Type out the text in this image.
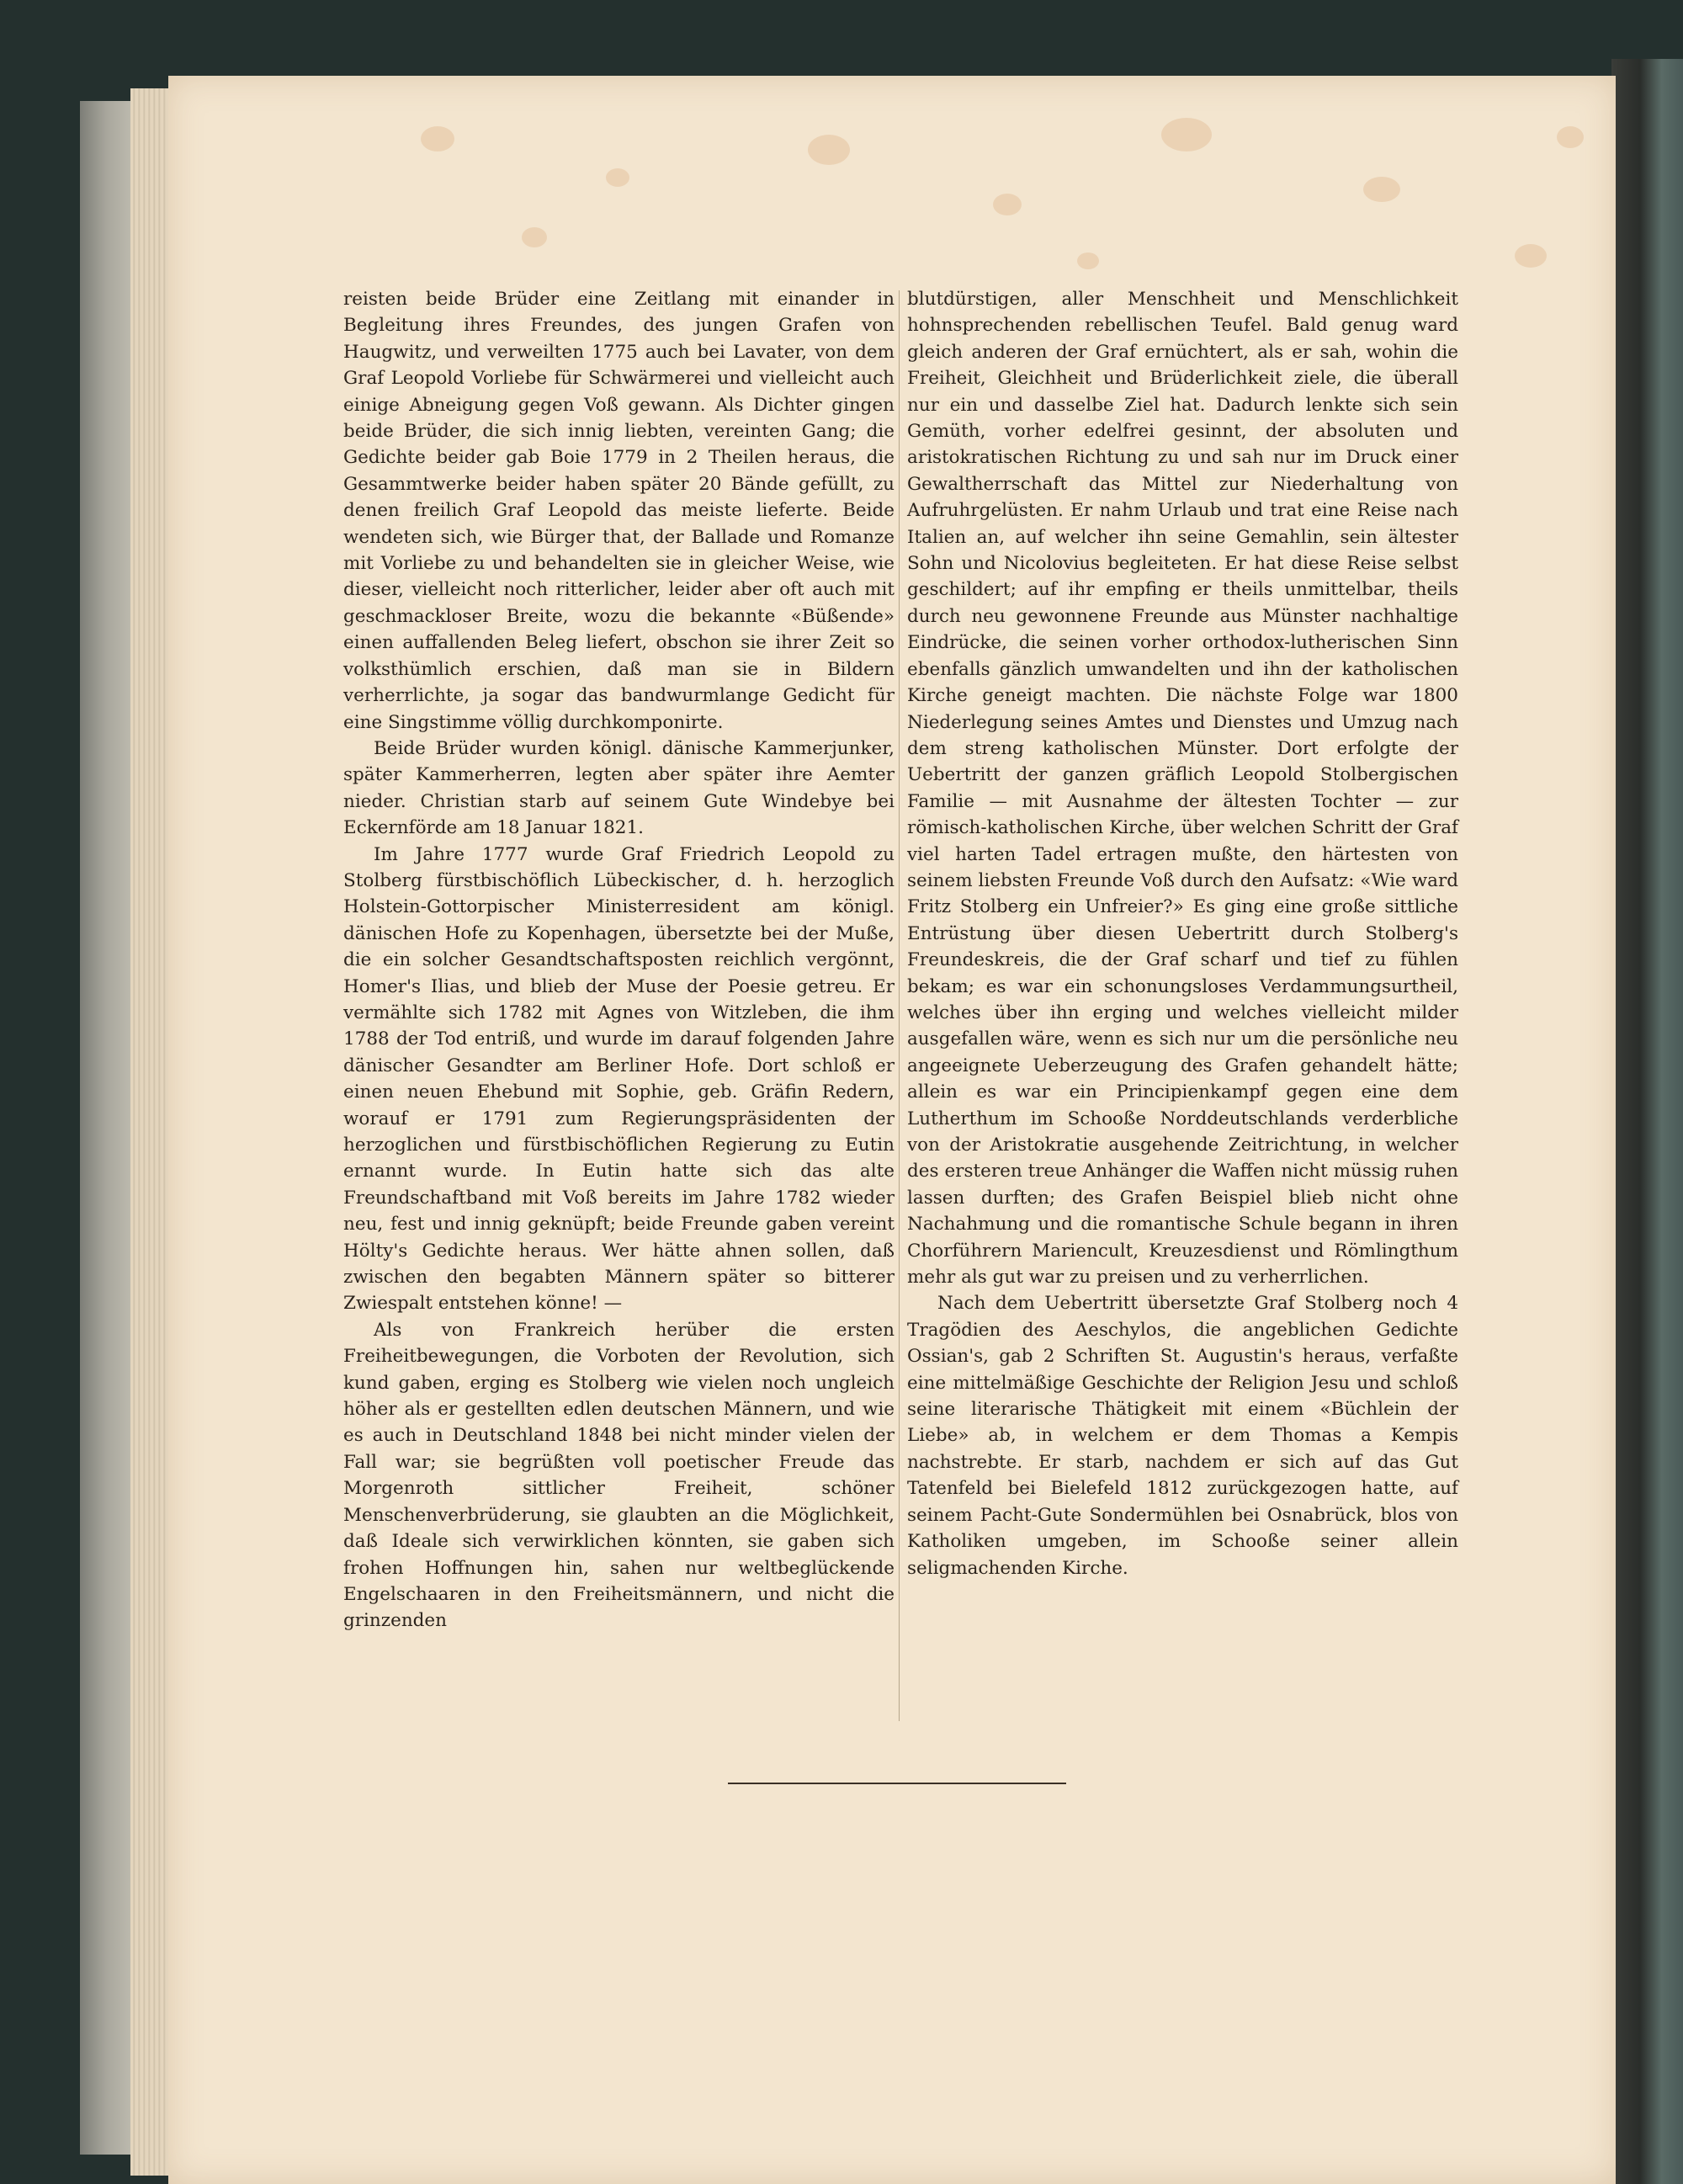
reisten beide Brüder eine Zeitlang mit einander in Begleitung ihres Freundes, des jungen Grafen von Haugwitz, und verweilten 1775 auch bei Lavater, von dem Graf Leopold Vorliebe für Schwärmerei und vielleicht auch einige Abneigung gegen Voß gewann. Als Dichter gingen beide Brüder, die sich innig liebten, vereinten Gang; die Gedichte beider gab Boie 1779 in 2 Theilen heraus, die Gesammtwerke beider haben später 20 Bände gefüllt, zu denen freilich Graf Leopold das meiste lieferte. Beide wendeten sich, wie Bürger that, der Ballade und Romanze mit Vorliebe zu und behandelten sie in gleicher Weise, wie dieser, vielleicht noch ritterlicher, leider aber oft auch mit geschmackloser Breite, wozu die bekannte «Büßende» einen auffallenden Beleg liefert, obschon sie ihrer Zeit so volksthümlich erschien, daß man sie in Bildern verherrlichte, ja sogar das bandwurmlange Gedicht für eine Singstimme völlig durchkomponirte.

Beide Brüder wurden königl. dänische Kammerjunker, später Kammerherren, legten aber später ihre Aemter nieder. Christian starb auf seinem Gute Windebye bei Eckernförde am 18 Januar 1821.

Im Jahre 1777 wurde Graf Friedrich Leopold zu Stolberg fürstbischöflich Lübeckischer, d. h. herzoglich Holstein-Gottorpischer Ministerresident am königl. dänischen Hofe zu Kopenhagen, übersetzte bei der Muße, die ein solcher Gesandtschaftsposten reichlich vergönnt, Homer's Ilias, und blieb der Muse der Poesie getreu. Er vermählte sich 1782 mit Agnes von Witzleben, die ihm 1788 der Tod entriß, und wurde im darauf folgenden Jahre dänischer Gesandter am Berliner Hofe. Dort schloß er einen neuen Ehebund mit Sophie, geb. Gräfin Redern, worauf er 1791 zum Regierungspräsidenten der herzoglichen und fürstbischöflichen Regierung zu Eutin ernannt wurde. In Eutin hatte sich das alte Freundschaftband mit Voß bereits im Jahre 1782 wieder neu, fest und innig geknüpft; beide Freunde gaben vereint Hölty's Gedichte heraus. Wer hätte ahnen sollen, daß zwischen den begabten Männern später so bitterer Zwiespalt entstehen könne! —

Als von Frankreich herüber die ersten Freiheitbewegungen, die Vorboten der Revolution, sich kund gaben, erging es Stolberg wie vielen noch ungleich höher als er gestellten edlen deutschen Männern, und wie es auch in Deutschland 1848 bei nicht minder vielen der Fall war; sie begrüßten voll poetischer Freude das Morgenroth sittlicher Freiheit, schöner Menschenverbrüderung, sie glaubten an die Möglichkeit, daß Ideale sich verwirklichen könnten, sie gaben sich frohen Hoffnungen hin, sahen nur weltbeglückende Engelschaaren in den Freiheitsmännern, und nicht die grinzenden

blutdürstigen, aller Menschheit und Menschlichkeit hohnsprechenden rebellischen Teufel. Bald genug ward gleich anderen der Graf ernüchtert, als er sah, wohin die Freiheit, Gleichheit und Brüderlichkeit ziele, die überall nur ein und dasselbe Ziel hat. Dadurch lenkte sich sein Gemüth, vorher edelfrei gesinnt, der absoluten und aristokratischen Richtung zu und sah nur im Druck einer Gewaltherrschaft das Mittel zur Niederhaltung von Aufruhrgelüsten. Er nahm Urlaub und trat eine Reise nach Italien an, auf welcher ihn seine Gemahlin, sein ältester Sohn und Nicolovius begleiteten. Er hat diese Reise selbst geschildert; auf ihr empfing er theils unmittelbar, theils durch neu gewonnene Freunde aus Münster nachhaltige Eindrücke, die seinen vorher orthodox-lutherischen Sinn ebenfalls gänzlich umwandelten und ihn der katholischen Kirche geneigt machten. Die nächste Folge war 1800 Niederlegung seines Amtes und Dienstes und Umzug nach dem streng katholischen Münster. Dort erfolgte der Uebertritt der ganzen gräflich Leopold Stolbergischen Familie — mit Ausnahme der ältesten Tochter — zur römisch-katholischen Kirche, über welchen Schritt der Graf viel harten Tadel ertragen mußte, den härtesten von seinem liebsten Freunde Voß durch den Aufsatz: «Wie ward Fritz Stolberg ein Unfreier?» Es ging eine große sittliche Entrüstung über diesen Uebertritt durch Stolberg's Freundeskreis, die der Graf scharf und tief zu fühlen bekam; es war ein schonungsloses Verdammungsurtheil, welches über ihn erging und welches vielleicht milder ausgefallen wäre, wenn es sich nur um die persönliche neu angeeignete Ueberzeugung des Grafen gehandelt hätte; allein es war ein Principienkampf gegen eine dem Lutherthum im Schooße Norddeutschlands verderbliche von der Aristokratie ausgehende Zeitrichtung, in welcher des ersteren treue Anhänger die Waffen nicht müssig ruhen lassen durften; des Grafen Beispiel blieb nicht ohne Nachahmung und die romantische Schule begann in ihren Chorführern Mariencult, Kreuzesdienst und Römlingthum mehr als gut war zu preisen und zu verherrlichen.

Nach dem Uebertritt übersetzte Graf Stolberg noch 4 Tragödien des Aeschylos, die angeblichen Gedichte Ossian's, gab 2 Schriften St. Augustin's heraus, verfaßte eine mittelmäßige Geschichte der Religion Jesu und schloß seine literarische Thätigkeit mit einem «Büchlein der Liebe» ab, in welchem er dem Thomas a Kempis nachstrebte. Er starb, nachdem er sich auf das Gut Tatenfeld bei Bielefeld 1812 zurückgezogen hatte, auf seinem Pacht-Gute Sondermühlen bei Osnabrück, blos von Katholiken umgeben, im Schooße seiner allein seligmachenden Kirche.
